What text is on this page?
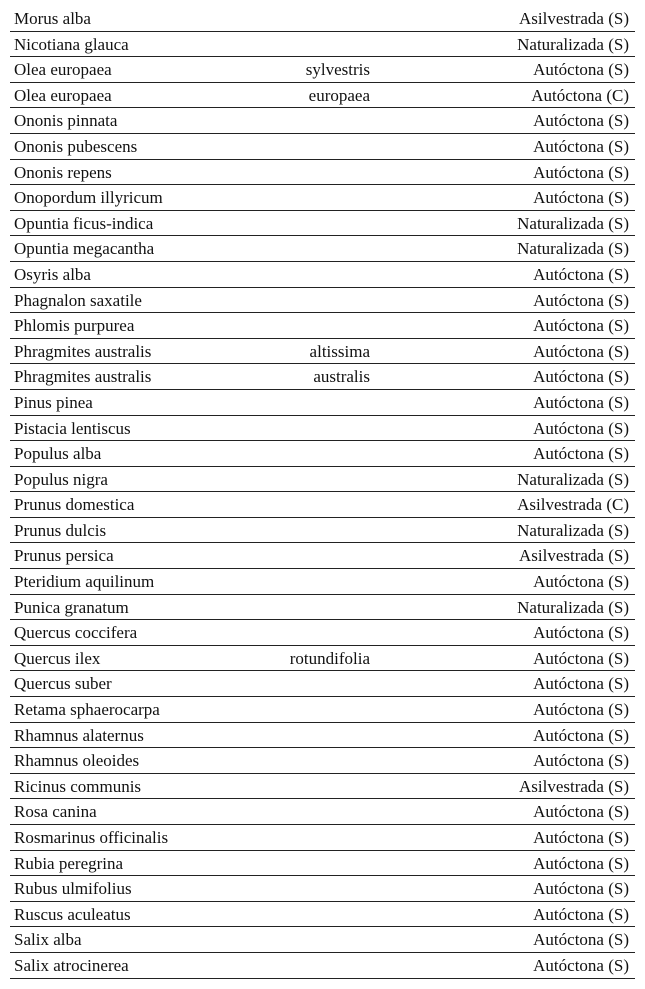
Morus alba	Asilvestrada (S)
Nicotiana glauca	Naturalizada (S)
Olea europaea	sylvestris	Autóctona (S)
Olea europaea	europaea	Autóctona (C)
Ononis pinnata	Autóctona (S)
Ononis pubescens	Autóctona (S)
Ononis repens	Autóctona (S)
Onopordum illyricum	Autóctona (S)
Opuntia ficus-indica	Naturalizada (S)
Opuntia megacantha	Naturalizada (S)
Osyris alba	Autóctona (S)
Phagnalon saxatile	Autóctona (S)
Phlomis purpurea	Autóctona (S)
Phragmites australis	altissima	Autóctona (S)
Phragmites australis	australis	Autóctona (S)
Pinus pinea	Autóctona (S)
Pistacia lentiscus	Autóctona (S)
Populus alba	Autóctona (S)
Populus nigra	Naturalizada (S)
Prunus domestica	Asilvestrada (C)
Prunus dulcis	Naturalizada (S)
Prunus persica	Asilvestrada (S)
Pteridium aquilinum	Autóctona (S)
Punica granatum	Naturalizada (S)
Quercus coccifera	Autóctona (S)
Quercus ilex	rotundifolia	Autóctona (S)
Quercus suber	Autóctona (S)
Retama sphaerocarpa	Autóctona (S)
Rhamnus alaternus	Autóctona (S)
Rhamnus oleoides	Autóctona (S)
Ricinus communis	Asilvestrada (S)
Rosa canina	Autóctona (S)
Rosmarinus officinalis	Autóctona (S)
Rubia peregrina	Autóctona (S)
Rubus ulmifolius	Autóctona (S)
Ruscus aculeatus	Autóctona (S)
Salix alba	Autóctona (S)
Salix atrocinerea	Autóctona (S)
